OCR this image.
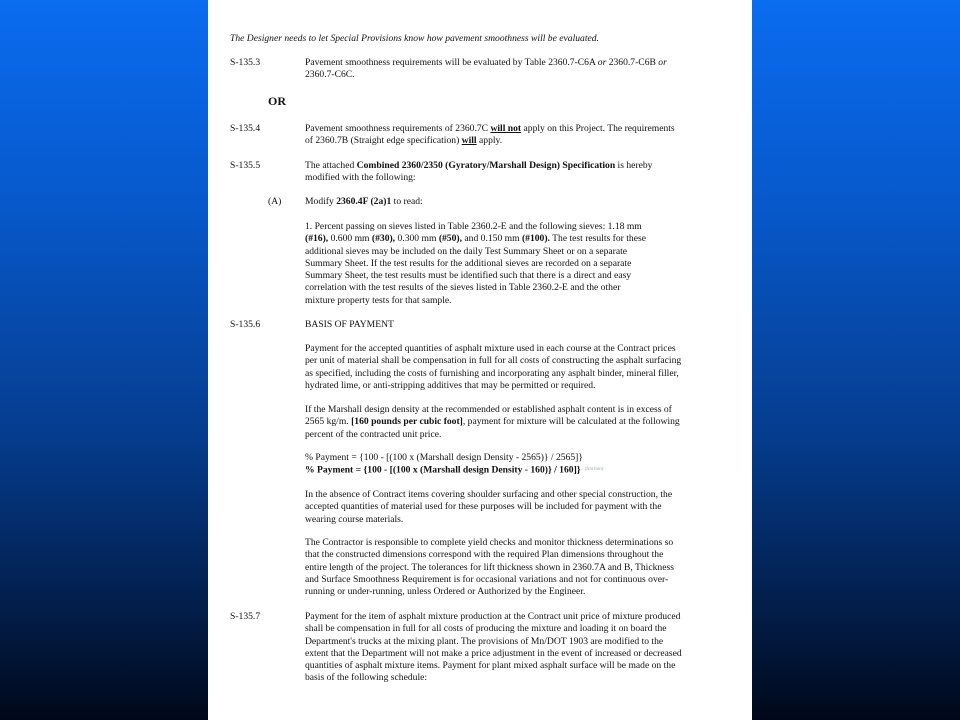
The Designer needs to let Special Provisions know how pavement smoothness will be evaluated.
S-135.3	Pavement smoothness requirements will be evaluated by Table 2360.7-C6A or 2360.7-C6B or
2360.7-C6C.
OR
S-135.4	Pavement smoothness requirements of 2360.7C will not apply on this Project. The requirements
of 2360.7B (Straight edge specification) will apply.
S-135.5	The attached Combined 2360/2350 (Gyratory/Marshall Design) Specification is hereby
modified with the following:
(A) Modify 2360.4F (2a)1 to read:
1. Percent passing on sieves listed in Table 2360.2-E and the following sieves: 1.18 mm
(#16), 0.600 mm (#30), 0.300 mm (#50), and 0.150 mm (#100). The test results for these
additional sieves may be included on the daily Test Summary Sheet or on a separate
Summary Sheet. If the test results for the additional sieves are recorded on a separate
Summary Sheet, the test results must be identified such that there is a direct and easy
correlation with the test results of the sieves listed in Table 2360.2-E and the other
mixture property tests for that sample.
S-135.6	BASIS OF PAYMENT
Payment for the accepted quantities of asphalt mixture used in each course at the Contract prices
per unit of material shall be compensation in full for all costs of constructing the asphalt surfacing
as specified, including the costs of furnishing and incorporating any asphalt binder, mineral filler,
hydrated lime, or anti-stripping additives that may be permitted or required.
If the Marshall design density at the recommended or established asphalt content is in excess of
2565 kg/m. [160 pounds per cubic foot], payment for mixture will be calculated at the following
percent of the contracted unit price.
% Payment = {100 - [(100 x (Marshall design Density - 2565)} / 2565]}
% Payment = {100 - [(100 x (Marshall design Density - 160)} / 160]} (fraction)
In the absence of Contract items covering shoulder surfacing and other special construction, the
accepted quantities of material used for these purposes will be included for payment with the
wearing course materials.
The Contractor is responsible to complete yield checks and monitor thickness determinations so
that the constructed dimensions correspond with the required Plan dimensions throughout the
entire length of the project. The tolerances for lift thickness shown in 2360.7A and B, Thickness
and Surface Smoothness Requirement is for occasional variations and not for continuous over-
running or under-running, unless Ordered or Authorized by the Engineer.
S-135.7	Payment for the item of asphalt mixture production at the Contract unit price of mixture produced
shall be compensation in full for all costs of producing the mixture and loading it on board the
Department's trucks at the mixing plant. The provisions of Mn/DOT 1903 are modified to the
extent that the Department will not make a price adjustment in the event of increased or decreased
quantities of asphalt mixture items. Payment for plant mixed asphalt surface will be made on the
basis of the following schedule:
